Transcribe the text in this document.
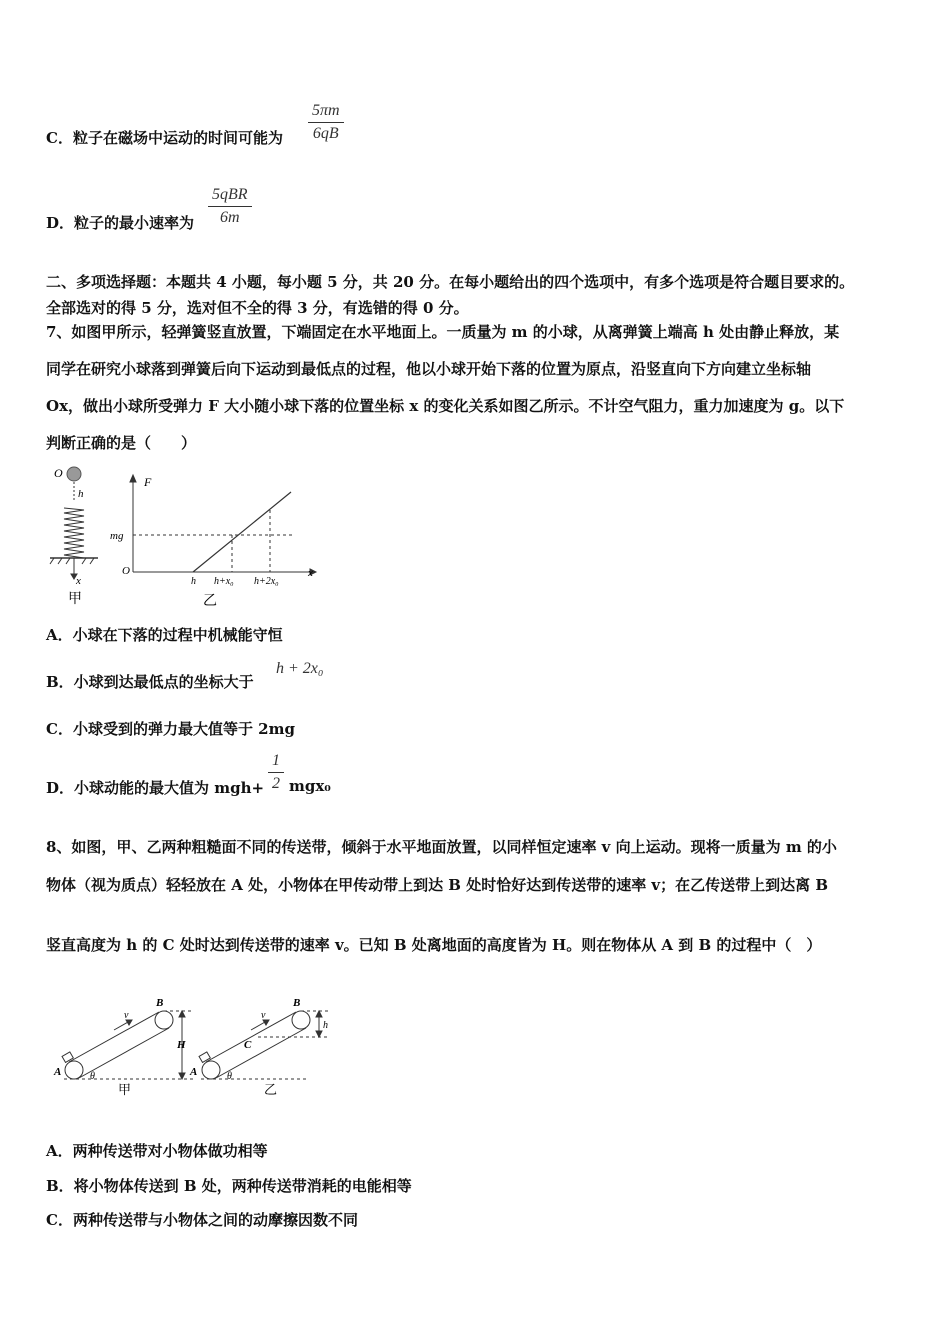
C．粒子在磁场中运动的时间可能为 $\frac{5\pi m}{6qB}$
D．粒子的最小速率为
5qBR
6m
二、多项选择题：本题共 4 小题，每小题 5 分，共 20 分。在每小题给出的四个选项中，有多个选项是符合题目要求的。
全部选对的得 5 分，选对但不全的得 3 分，有选错的得 0 分。
7、如图甲所示，轻弹簧竖直放置，下端固定在水平地面上。一质量为 m 的小球，从离弹簧上端高 h 处由静止释放，某
同学在研究小球落到弹簧后向下运动到最低点的过程，他以小球开始下落的位置为原点，沿竖直向下方向建立坐标轴
Ox，做出小球所受弹力 F 大小随小球下落的位置坐标 x 的变化关系如图乙所示。不计空气阻力，重力加速度为 g。以下
判断正确的是（　　）
O
h
x
甲
F
mg
O	x
h h+x₀ h+2x₀
乙
A．小球在下落的过程中机械能守恒
B．小球到达最低点的坐标大于
h + 2x₀
C．小球受到的弹力最大值等于 2mg
D．小球动能的最大值为 $mgh+ \frac{1}{2} mgx_0$
8、如图，甲、乙两种粗糙面不同的传送带，倾斜于水平地面放置，以同样恒定速率 v 向上运动。现将一质量为 m 的小
物体（视为质点）轻轻放在 A 处，小物体在甲传动带上到达 B 处时恰好达到传送带的速率 v；在乙传送带上到达离 B
竖直高度为 h 的 C 处时达到传送带的速率 v。已知 B 处离地面的高度皆为 H。则在物体从 A 到 B 的过程中（　）
A
B
v
H
θ
甲
B
C
v
h
θ
A
乙
A．两种传送带对小物体做功相等
B．将小物体传送到 B 处，两种传送带消耗的电能相等
C．两种传送带与小物体之间的动摩擦因数不同
